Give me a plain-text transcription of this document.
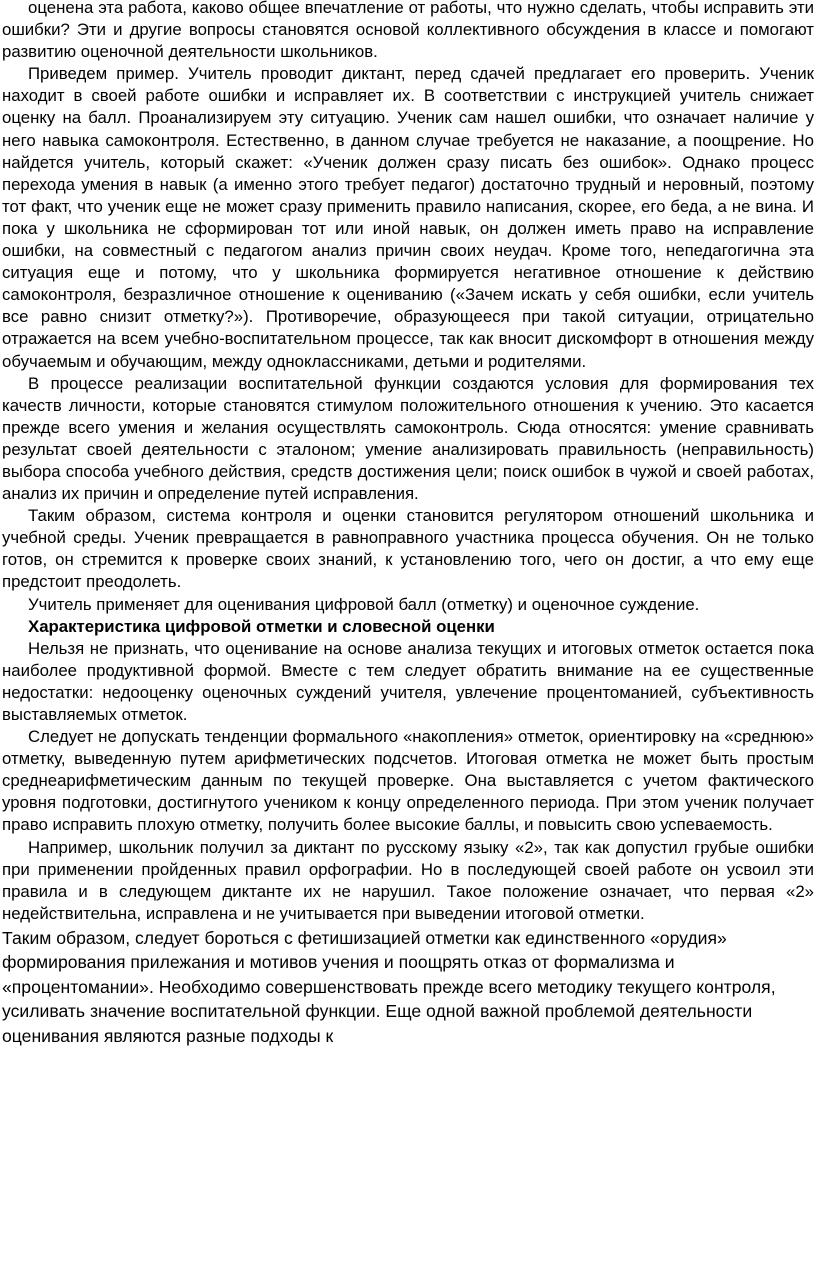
оценена эта работа, каково общее впечатление от работы, что нужно сделать, чтобы исправить эти ошибки? Эти и другие вопросы становятся основой коллективного обсуждения в классе и помогают развитию оценочной деятельности школьников.

Приведем пример. Учитель проводит диктант, перед сдачей предлагает его проверить. Ученик находит в своей работе ошибки и исправляет их. В соответствии с инструкцией учитель снижает оценку на балл. Проанализируем эту ситуацию. Ученик сам нашел ошибки, что означает наличие у него навыка самоконтроля. Естественно, в данном случае требуется не наказание, а поощрение. Но найдется учитель, который скажет: «Ученик должен сразу писать без ошибок». Однако процесс перехода умения в навык (а именно этого требует педагог) достаточно трудный и неровный, поэтому тот факт, что ученик еще не может сразу применить правило написания, скорее, его беда, а не вина. И пока у школьника не сформирован тот или иной навык, он должен иметь право на исправление ошибки, на совместный с педагогом анализ причин своих неудач. Кроме того, непедагогична эта ситуация еще и потому, что у школьника формируется негативное отношение к действию самоконтроля, безразличное отношение к оцениванию («Зачем искать у себя ошибки, если учитель все равно снизит отметку?»). Противоречие, образующееся при такой ситуации, отрицательно отражается на всем учебно-воспитательном процессе, так как вносит дискомфорт в отношения между обучаемым и обучающим, между одноклассниками, детьми и родителями.

В процессе реализации воспитательной функции создаются условия для формирования тех качеств личности, которые становятся стимулом положительного отношения к учению. Это касается прежде всего умения и желания осуществлять самоконтроль. Сюда относятся: умение сравнивать результат своей деятельности с эталоном; умение анализировать правильность (неправильность) выбора способа учебного действия, средств достижения цели; поиск ошибок в чужой и своей работах, анализ их причин и определение путей исправления.

Таким образом, система контроля и оценки становится регулятором отношений школьника и учебной среды. Ученик превращается в равноправного участника процесса обучения. Он не только готов, он стремится к проверке своих знаний, к установлению того, чего он достиг, а что ему еще предстоит преодолеть.

Учитель применяет для оценивания цифровой балл (отметку) и оценочное суждение.

Характеристика цифровой отметки и словесной оценки

Нельзя не признать, что оценивание на основе анализа текущих и итоговых отметок остается пока наиболее продуктивной формой. Вместе с тем следует обратить внимание на ее существенные недостатки: недооценку оценочных суждений учителя, увлечение процентоманией, субъективность выставляемых отметок.

Следует не допускать тенденции формального «накопления» отметок, ориентировку на «среднюю» отметку, выведенную путем арифметических подсчетов. Итоговая отметка не может быть простым среднеарифметическим данным по текущей проверке. Она выставляется с учетом фактического уровня подготовки, достигнутого учеником к концу определенного периода. При этом ученик получает право исправить плохую отметку, получить более высокие баллы, и повысить свою успеваемость.

Например, школьник получил за диктант по русскому языку «2», так как допустил грубые ошибки при применении пройденных правил орфографии. Но в последующей своей работе он усвоил эти правила и в следующем диктанте их не нарушил. Такое положение означает, что первая «2» недействительна, исправлена и не учитывается при выведении итоговой отметки.

Таким образом, следует бороться с фетишизацией отметки как единственного «орудия» формирования прилежания и мотивов учения и поощрять отказ от формализма и «процентомании». Необходимо совершенствовать прежде всего методику текущего контроля, усиливать значение воспитательной функции. Еще одной важной проблемой деятельности оценивания являются разные подходы к
